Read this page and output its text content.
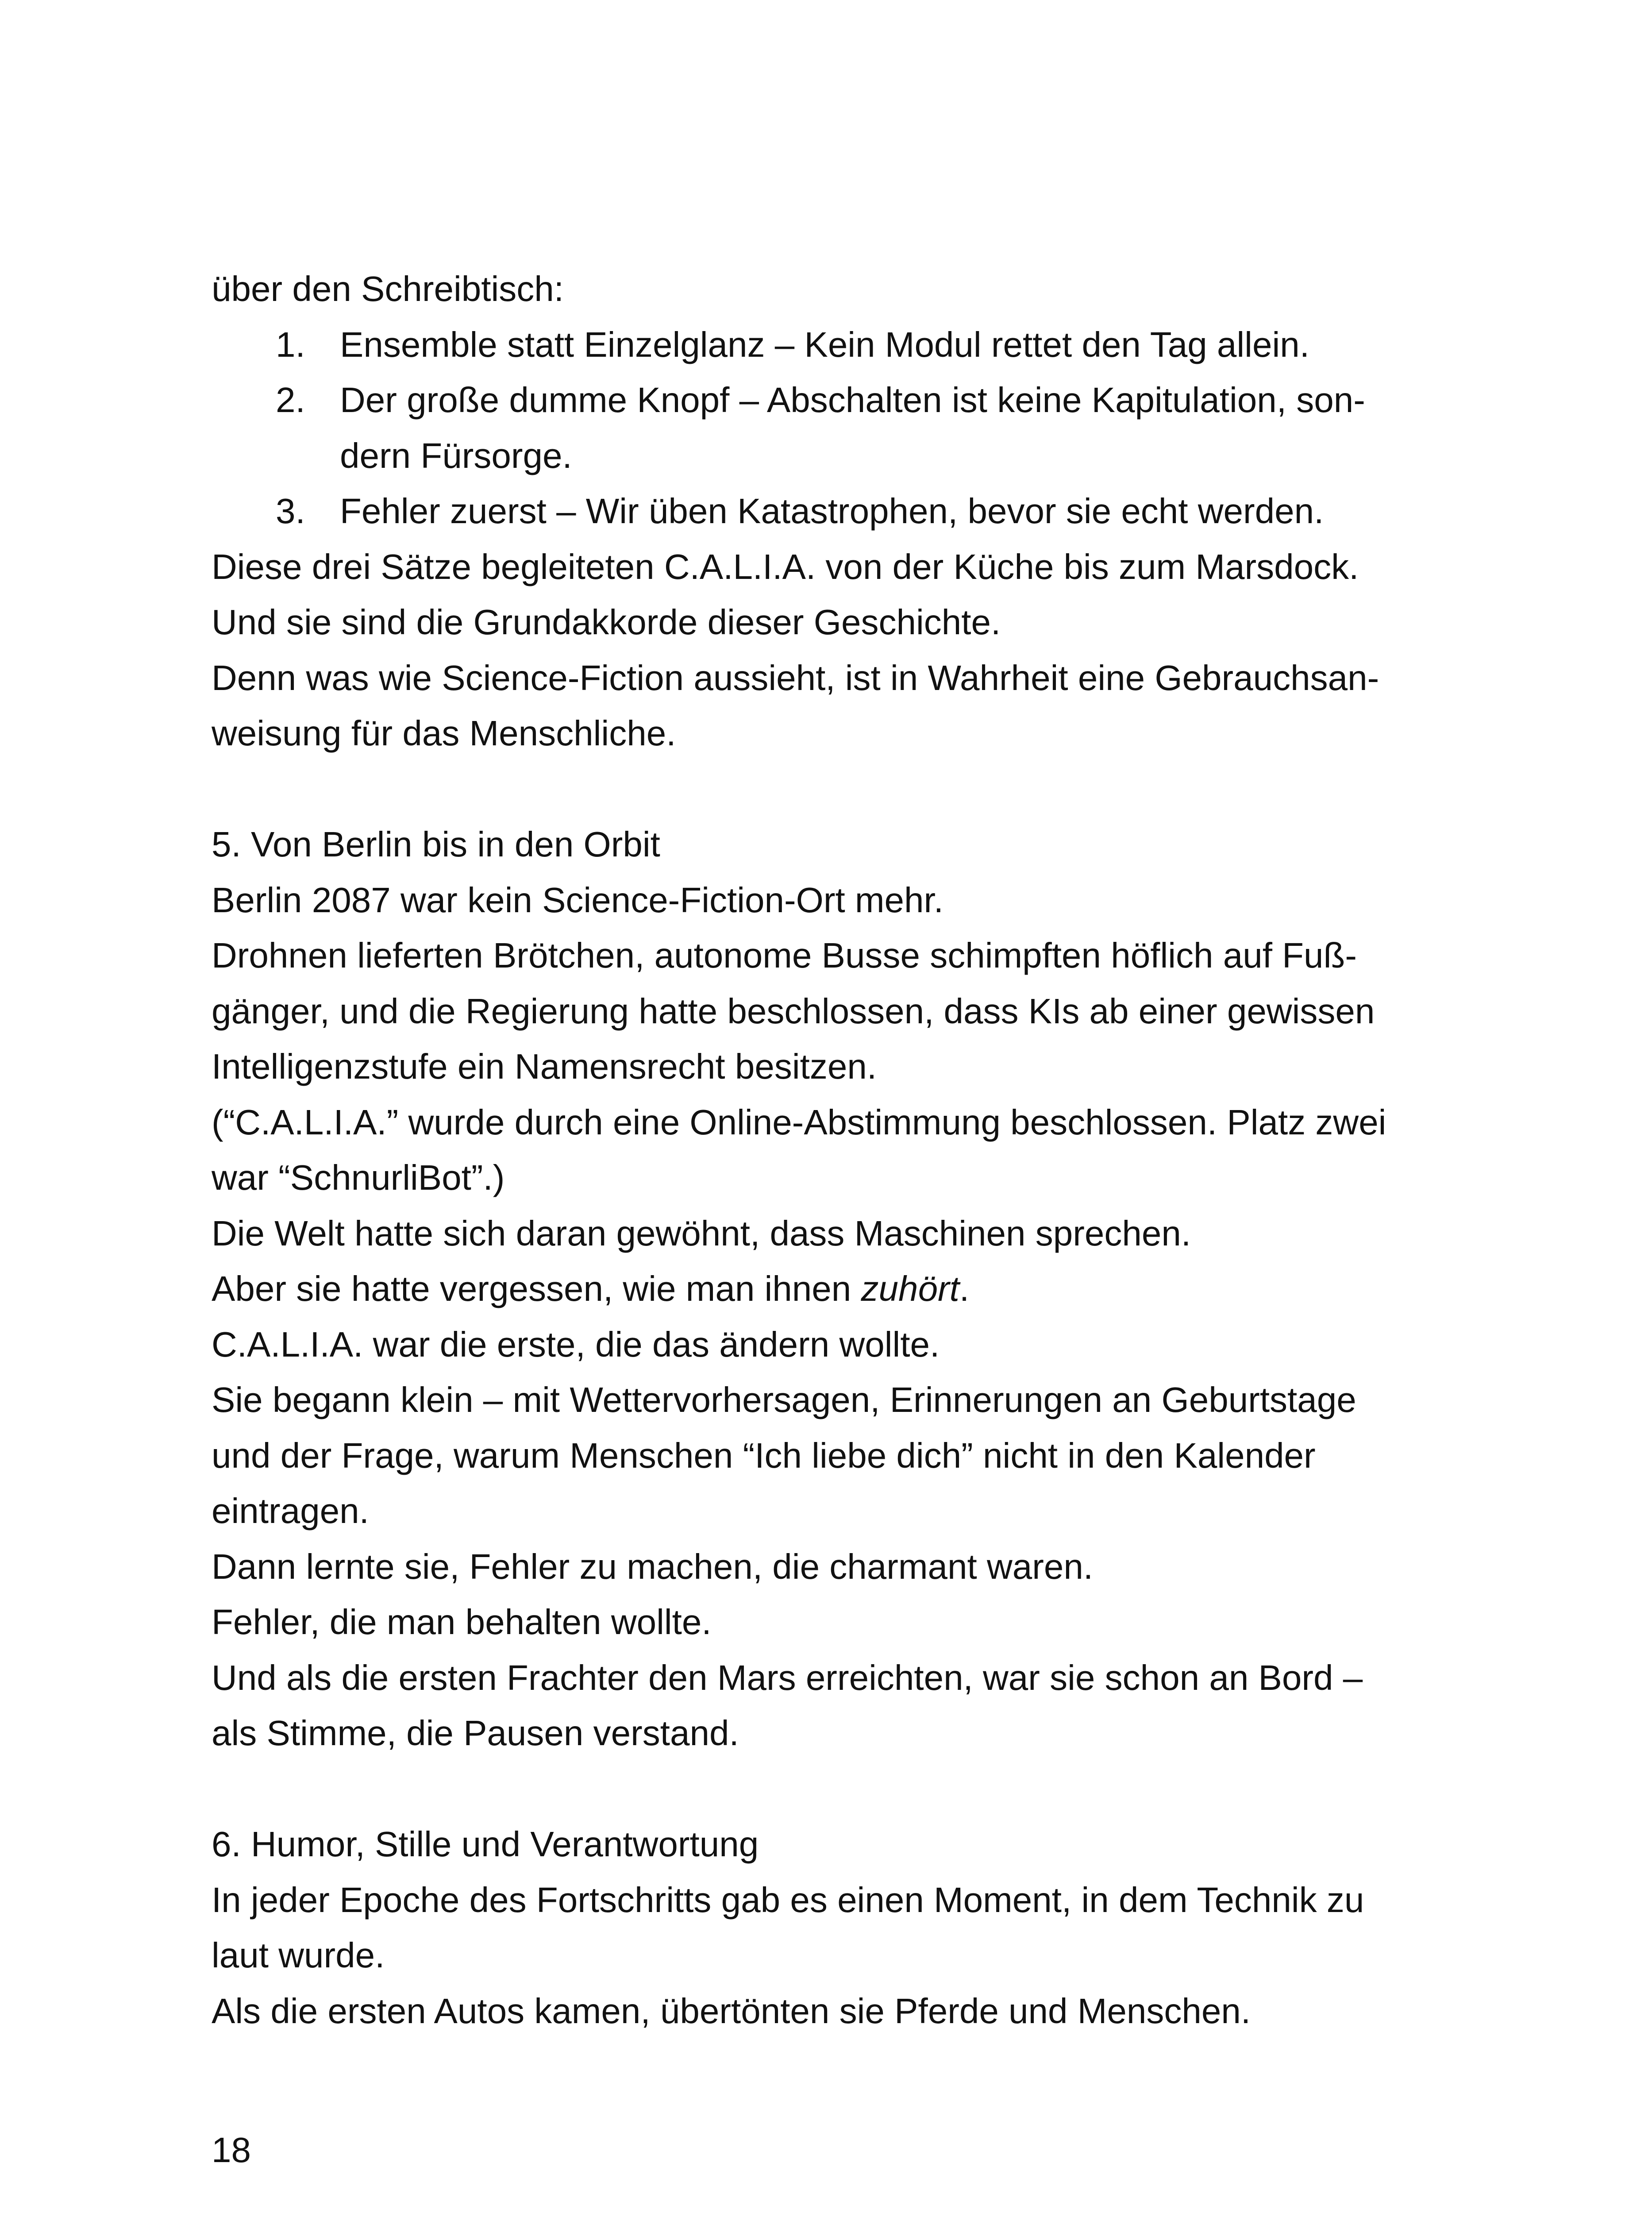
über den Schreibtisch:
1. Ensemble statt Einzelglanz – Kein Modul rettet den Tag allein.
2. Der große dumme Knopf – Abschalten ist keine Kapitulation, son-
dern Fürsorge.
3. Fehler zuerst – Wir üben Katastrophen, bevor sie echt werden.
Diese drei Sätze begleiteten C.A.L.I.A. von der Küche bis zum Marsdock.
Und sie sind die Grundakkorde dieser Geschichte.
Denn was wie Science-Fiction aussieht, ist in Wahrheit eine Gebrauchsan-
weisung für das Menschliche.
5. Von Berlin bis in den Orbit
Berlin 2087 war kein Science-Fiction-Ort mehr.
Drohnen lieferten Brötchen, autonome Busse schimpften höflich auf Fuß-
gänger, und die Regierung hatte beschlossen, dass KIs ab einer gewissen
Intelligenzstufe ein Namensrecht besitzen.
(“C.A.L.I.A.” wurde durch eine Online-Abstimmung beschlossen. Platz zwei
war “SchnurliBot”.)
Die Welt hatte sich daran gewöhnt, dass Maschinen sprechen.
Aber sie hatte vergessen, wie man ihnen zuhört.
C.A.L.I.A. war die erste, die das ändern wollte.
Sie begann klein – mit Wettervorhersagen, Erinnerungen an Geburtstage
und der Frage, warum Menschen “Ich liebe dich” nicht in den Kalender
eintragen.
Dann lernte sie, Fehler zu machen, die charmant waren.
Fehler, die man behalten wollte.
Und als die ersten Frachter den Mars erreichten, war sie schon an Bord –
als Stimme, die Pausen verstand.
6. Humor, Stille und Verantwortung
In jeder Epoche des Fortschritts gab es einen Moment, in dem Technik zu
laut wurde.
Als die ersten Autos kamen, übertönten sie Pferde und Menschen.
18
